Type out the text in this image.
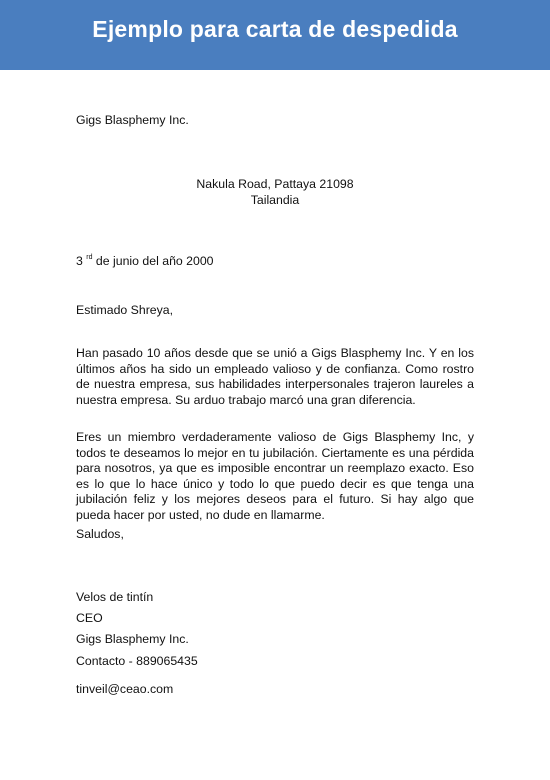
Ejemplo para carta de despedida
Gigs Blasphemy Inc.
Nakula Road, Pattaya 21098
Tailandia
3 $^{rd}$ de junio del año 2000
Estimado Shreya,
Han pasado 10 años desde que se unió a Gigs Blasphemy Inc. Y en los últimos años ha sido un empleado valioso y de confianza. Como rostro de nuestra empresa, sus habilidades interpersonales trajeron laureles a nuestra empresa. Su arduo trabajo marcó una gran diferencia.
Eres un miembro verdaderamente valioso de Gigs Blasphemy Inc, y todos te deseamos lo mejor en tu jubilación. Ciertamente es una pérdida para nosotros, ya que es imposible encontrar un reemplazo exacto. Eso es lo que lo hace único y todo lo que puedo decir es que tenga una jubilación feliz y los mejores deseos para el futuro. Si hay algo que pueda hacer por usted, no dude en llamarme.
Saludos,
Velos de tintín
CEO
Gigs Blasphemy Inc.
Contacto - 889065435
tinveil@ceao.com
